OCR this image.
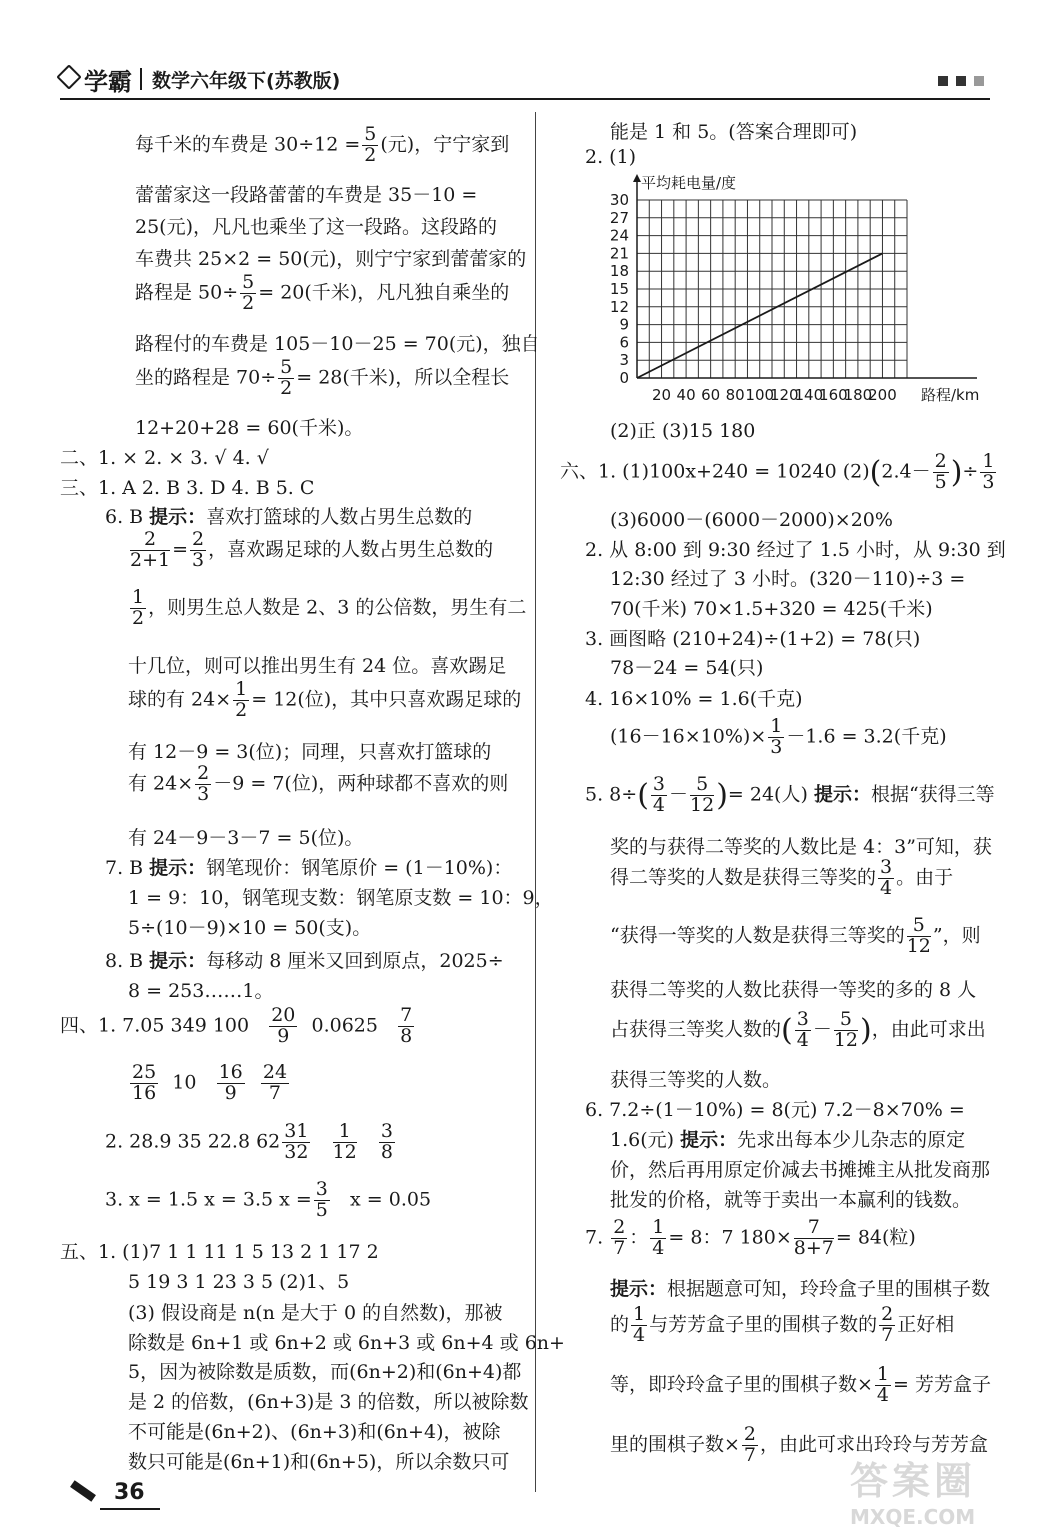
学霸 数学六年级下(苏教版)
每千米的车费是 $30\div 12 = \frac{5}{2}$ (元)，宁宁家到
蕾蕾家这一段路蕾蕾的车费是 35－10 =
25(元)，凡凡也乘坐了这一段路。这段路的
车费共 25×2 = 50(元)，则宁宁家到蕾蕾家的
路程是 $50\div \frac{5}{2} = 20$(千米)，凡凡独自乘坐的
路程付的车费是 105－10－25 = 70(元)，独自
坐的路程是 $70\div \frac{5}{2} = 28$(千米)，所以全程长
12+20+28 = 60(千米)。
二、1. × 2. × 3. √ 4. √
三、1. A 2. B 3. D 4. B 5. C
6. B 提示：喜欢打篮球的人数占男生总数的
$\frac{2}{2+1} = \frac{2}{3}$ ，喜欢踢足球的人数占男生总数的
$\frac{1}{2}$ ，则男生总人数是 2、3 的公倍数，男生有二
十几位，则可以推出男生有 24 位。喜欢踢足
球的有 $24\times \frac{1}{2} = 12$(位)，其中只喜欢踢足球的
有 12－9 = 3(位)；同理，只喜欢打篮球的
有 $24\times \frac{2}{3} -9 = 7$(位)，两种球都不喜欢的则
有 24－9－3－7 = 5(位)。
7. B 提示：钢笔现价：钢笔原价 = (1－10%)：
1 = 9：10，钢笔现支数：钢笔原支数 = 10：9，
5÷(10－9)×10 = 50(支)。
8. B 提示：每移动 8 厘米又回到原点，2025÷
8 = 253……1。
四、1. 7.05 349 $100 \frac{20}{9} 0.0625 \frac{7}{8}$
$\frac{25}{16} 10 \frac{16}{9}$
$\frac{24}{7}$
2. 28.9 35 22.8 $62 \frac{31}{32}$
$\frac{1}{12}$
$\frac{3}{8}$
3. x = 1.5 x = 3.5 $x = \frac{3}{5}$ x = 0.05
五、1. (1)7 1 1 11 1 5 13 2 1 17 2
5 19 3 1 23 3 5 (2)1、5
(3) 假设商是 n(n 是大于 0 的自然数)，那被
除数是 6n+1 或 6n+2 或 6n+3 或 6n+4 或 6n+
5，因为被除数是质数，而(6n+2)和(6n+4)都
是 2 的倍数，(6n+3)是 3 的倍数，所以被除数
不可能是(6n+2)、(6n+3)和(6n+4)，被除
数只可能是(6n+1)和(6n+5)，所以余数只可
能是 1 和 5。(答案合理即可)
2. (1)
0
3
6
9
12
15
18
21
24
27
30
20 40 60 80 100
120
140
160
180
200
平均耗电量/度
路程/km
(2)正 (3)15 180
六、1. (1)100x+240 = 10240 $(2)(2.4- \frac{2}{5}$ )÷ $\frac{1}{3}$
(3)6000－(6000－2000)×20%
2. 从 8:00 到 9:30 经过了 1.5 小时，从 9:30 到
12:30 经过了 3 小时。(320－110)÷3 =
70(千米) 70×1.5+320 = 425(千米)
3. 画图略 (210+24)÷(1+2) = 78(只)
78－24 = 54(只)
4. 16×10% = 1.6(千克)
$(16-16\times 10\%)\times \frac{1}{3} -1.6 = 3.2$(千克)
5. $8\div( \frac{3}{4} - \frac{5}{12}$ )= 24(人) 提示：根据“获得三等
奖的与获得二等奖的人数比是 4：3”可知，获
得二等奖的人数是获得三等奖的 $\frac{3}{4}$ 。由于
“获得一等奖的人数是获得三等奖的 $\frac{5}{12}$ ”，则
获得二等奖的人数比获得一等奖的多的 8 人
占获得三等奖人数的( $\frac{3}{4} - \frac{5}{12}$ )，由此可求出
获得三等奖的人数。
6. 7.2÷(1－10%) = 8(元) 7.2－8×70% =
1.6(元) 提示：先求出每本少儿杂志的原定
价，然后再用原定价减去书摊摊主从批发商那
批发的价格，就等于卖出一本赢利的钱数。
7. $\frac{2}{7}$ ： $\frac{1}{4} = 8$：7 $180\times \frac{7}{8+7} = 84$(粒)
提示：根据题意可知，玲玲盒子里的围棋子数
的 $\frac{1}{4}$ 与芳芳盒子里的围棋子数的 $\frac{2}{7}$ 正好相
等，即玲玲盒子里的围棋子数× $\frac{1}{4}$ = 芳芳盒子
里的围棋子数× $\frac{2}{7}$ ，由此可求出玲玲与芳芳盒
36	答案圈
MXQE.COM
